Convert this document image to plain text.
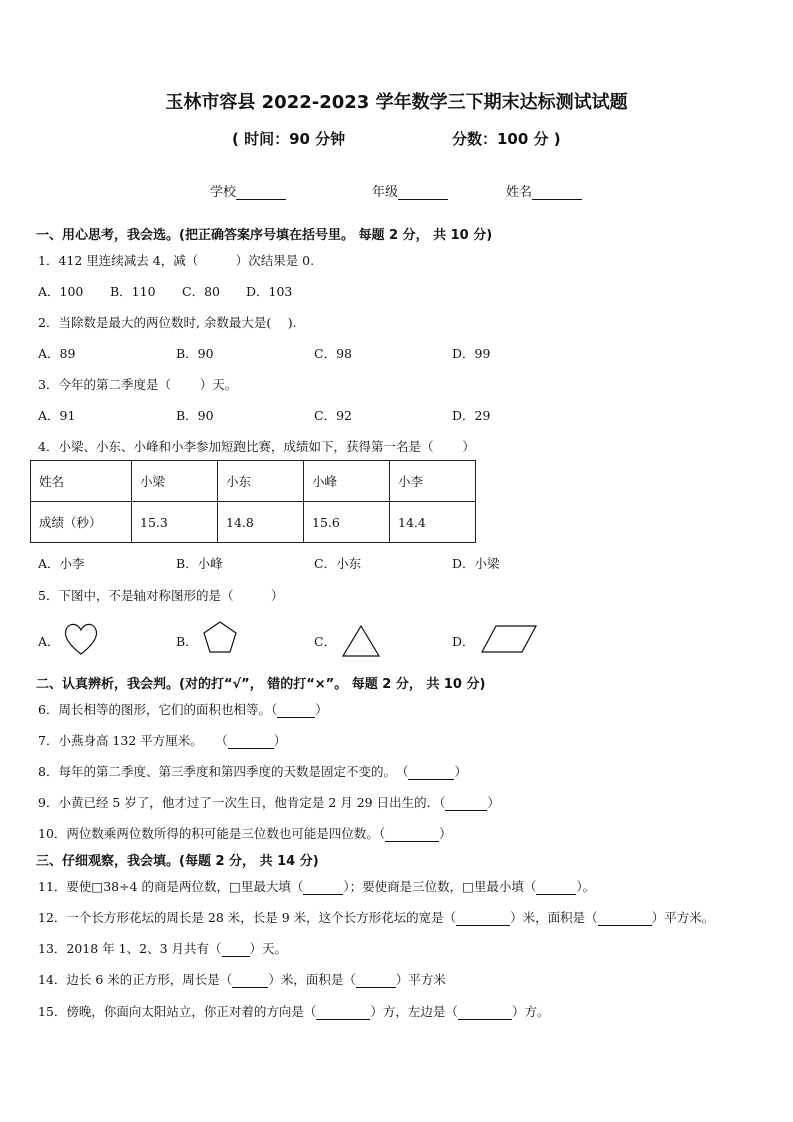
玉林市容县 2022-2023 学年数学三下期末达标测试试题
( 时间：90 分钟	分数：100 分 )
学校	年级	姓名
一、用心思考，我会选。(把正确答案序号填在括号里。 每题 2 分， 共 10 分)
1．412 里连续减去 4，减（　　　）次结果是 0.
A．100 B．110 C．80 D．103
2．当除数是最大的两位数时, 余数最大是(　 ).
A．89	B．90	C．98	D．99
3．今年的第二季度是（　　 ）天。
A．91	B．90	C．92	D．29
4．小梁、小东、小峰和小李参加短跑比赛，成绩如下，获得第一名是（　　 ）
姓名	小梁	小东	小峰	小李
成绩（秒）	15.3	14.8	15.6	14.4
A．小李	B．小峰	C．小东	D．小梁
5．下图中，不是轴对称图形的是（　　　）
A．	B．	C．	D．
二、认真辨析，我会判。(对的打“√”， 错的打“×”。 每题 2 分， 共 10 分)
6．周长相等的图形，它们的面积也相等。（	）
7．小燕身高 132 平方厘米。　　（	）
8．每年的第二季度、第三季度和第四季度的天数是固定不变的。　（	）
9．小黄已经 5 岁了，他才过了一次生日，他肯定是 2 月 29 日出生的．（	）
10．两位数乘两位数所得的积可能是三位数也可能是四位数。（	）
三、仔细观察，我会填。(每题 2 分， 共 14 分)
11．要使□38÷4 的商是两位数，□里最大填（	）；要使商是三位数，□里最小填（	）。
12．一个长方形花坛的周长是 28 米，长是 9 米，这个长方形花坛的宽是（	）米，面积是（	）平方米。
13．2018 年 1、2、3 月共有（ ）天。
14．边长 6 米的正方形，周长是（	）米，面积是（	）平方米
15．傍晚，你面向太阳站立，你正对着的方向是（	）方，左边是（	）方。
